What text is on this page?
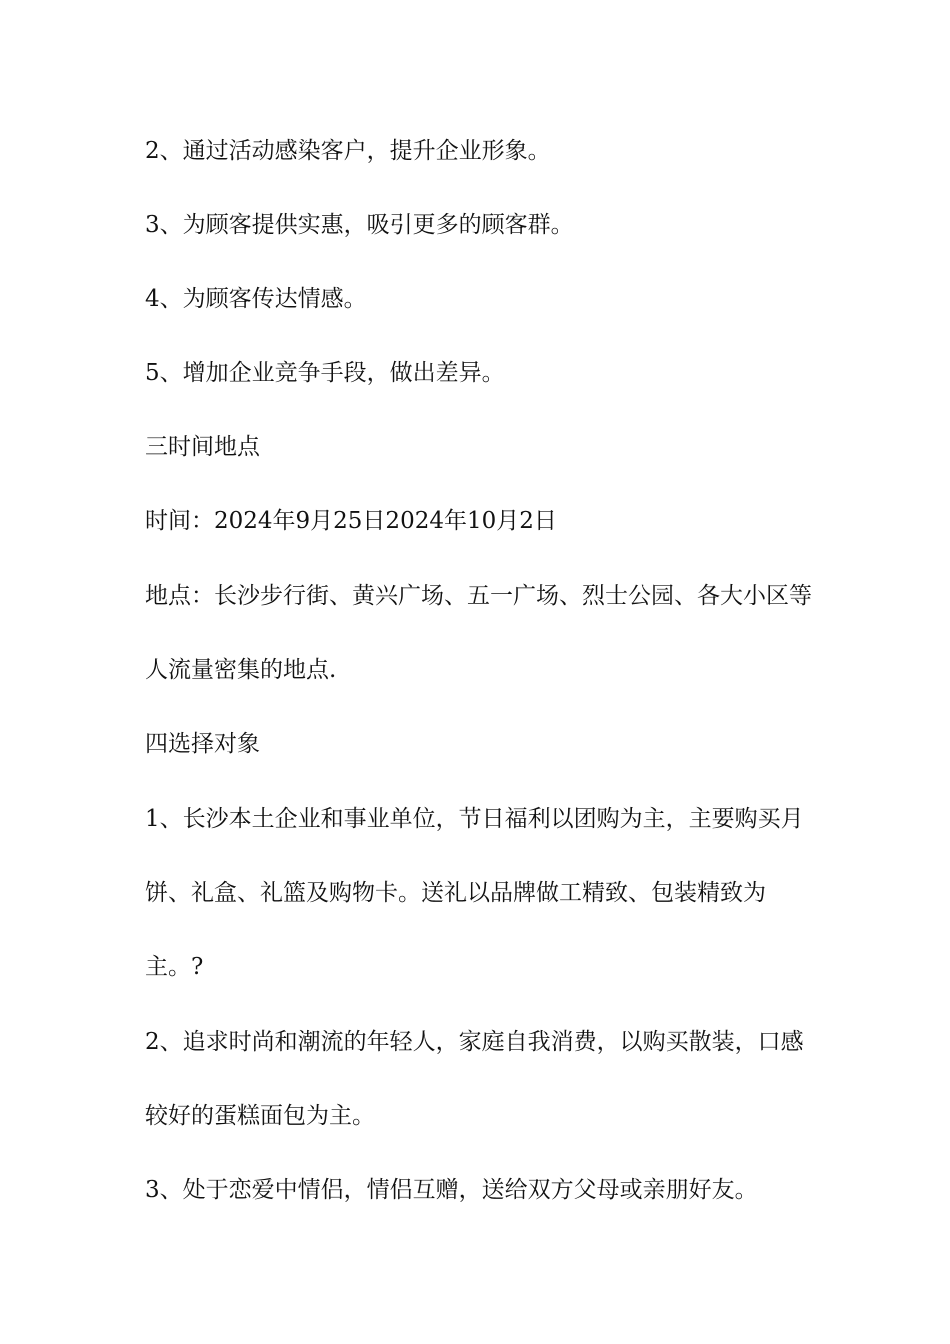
2、通过活动感染客户，提升企业形象。

3、为顾客提供实惠，吸引更多的顾客群。

4、为顾客传达情感。

5、增加企业竞争手段，做出差异。

三时间地点

时间：2024年9月25日2024年10月2日

地点：长沙步行街、黄兴广场、五一广场、烈士公园、各大小区等人流量密集的地点.

四选择对象

1、长沙本土企业和事业单位，节日福利以团购为主，主要购买月饼、礼盒、礼篮及购物卡。送礼以品牌做工精致、包装精致为主。?

2、追求时尚和潮流的年轻人，家庭自我消费，以购买散装，口感较好的蛋糕面包为主。

3、处于恋爱中情侣，情侣互赠，送给双方父母或亲朋好友。
